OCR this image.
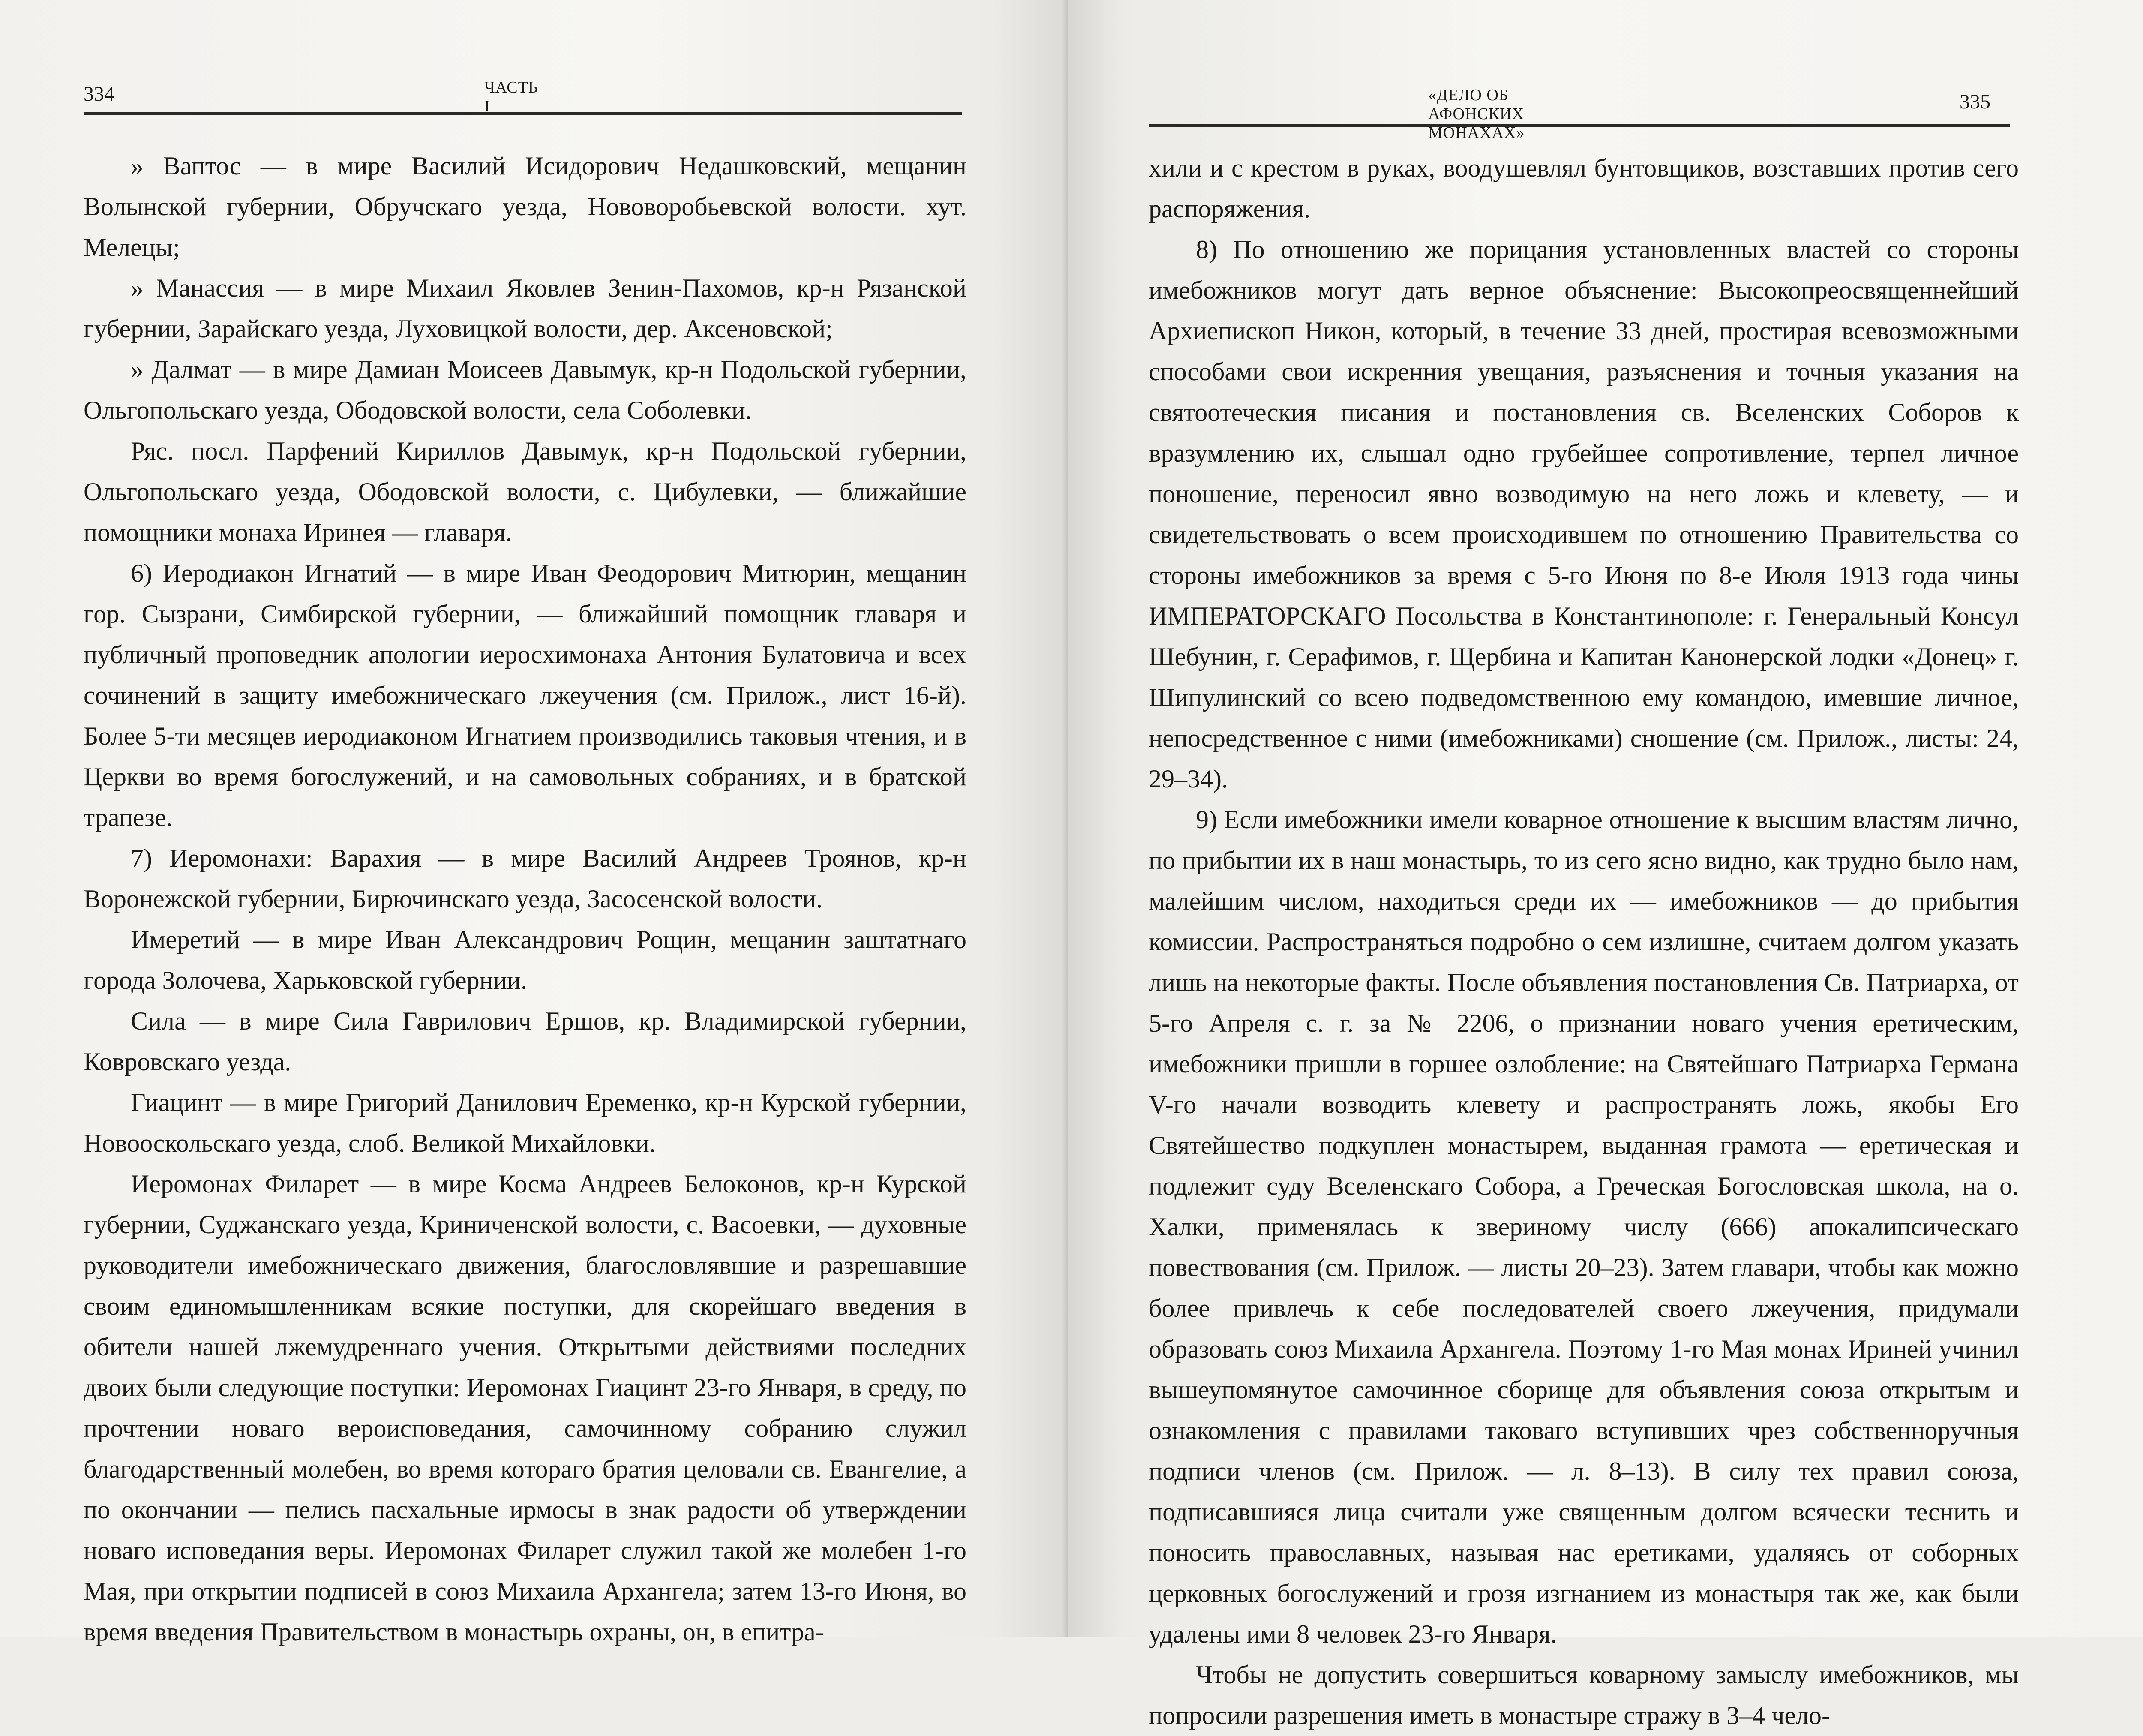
334	ЧАСТЬ I

» Ваптос — в мире Василий Исидорович Недашковский, мещанин Волынской губернии, Обручскаго уезда, Нововоробьевской волости. хут. Мелецы;

» Манассия — в мире Михаил Яковлев Зенин-Пахомов, кр-н Рязанской губернии, Зарайскаго уезда, Луховицкой волости, дер. Аксеновской;

» Далмат — в мире Дамиан Моисеев Давымук, кр-н Подольской губернии, Ольгопольскаго уезда, Ободовской волости, села Соболевки.

Ряс. посл. Парфений Кириллов Давымук, кр-н Подольской губернии, Ольгопольскаго уезда, Ободовской волости, с. Цибулевки, — ближайшие помощники монаха Иринея — главаря.

6) Иеродиакон Игнатий — в мире Иван Феодорович Митюрин, мещанин гор. Сызрани, Симбирской губернии, — ближайший помощник главаря и публичный проповедник апологии иеросхимонаха Антония Булатовича и всех сочинений в защиту имебожническаго лжеучения (см. Прилож., лист 16-й). Более 5-ти месяцев иеродиаконом Игнатием производились таковыя чтения, и в Церкви во время богослужений, и на самовольных собраниях, и в братской трапезе.

7) Иеромонахи: Варахия — в мире Василий Андреев Троянов, кр-н Воронежской губернии, Бирючинскаго уезда, Засосенской волости.

Имеретий — в мире Иван Александрович Рощин, мещанин заштатнаго города Золочева, Харьковской губернии.

Сила — в мире Сила Гаврилович Ершов, кр. Владимирской губернии, Ковровскаго уезда.

Гиацинт — в мире Григорий Данилович Еременко, кр-н Курской губернии, Новооскольскаго уезда, слоб. Великой Михайловки.

Иеромонах Филарет — в мире Косма Андреев Белоконов, кр-н Курской губернии, Суджанскаго уезда, Криниченской волости, с. Васоевки, — духовные руководители имебожническаго движения, благословлявшие и разрешавшие своим единомышленникам всякие поступки, для скорейшаго введения в обители нашей лжемудреннаго учения. Открытыми действиями последних двоих были следующие поступки: Иеромонах Гиацинт 23-го Января, в среду, по прочтении новаго вероисповедания, самочинному собранию служил благодарственный молебен, во время котораго братия целовали св. Евангелие, а по окончании — пелись пасхальные ирмосы в знак радости об утверждении новаго исповедания веры. Иеромонах Филарет служил такой же молебен 1-го Мая, при открытии подписей в союз Михаила Архангела; затем 13-го Июня, во время введения Правительством в монастырь охраны, он, в епитра-

«ДЕЛО ОБ АФОНСКИХ МОНАХАХ»
335

хили и с крестом в руках, воодушевлял бунтовщиков, возставших против сего распоряжения.

8) По отношению же порицания установленных властей со стороны имебожников могут дать верное объяснение: Высокопреосвященнейший Архиепископ Никон, который, в течение 33 дней, простирая всевозможными способами свои искренния увещания, разъяснения и точныя указания на святоотеческия писания и постановления св. Вселенских Соборов к вразумлению их, слышал одно грубейшее сопротивление, терпел личное поношение, переносил явно возводимую на него ложь и клевету, — и свидетельствовать о всем происходившем по отношению Правительства со стороны имебожников за время с 5-го Июня по 8-е Июля 1913 года чины ИМПЕРАТОРСКАГО Посольства в Константинополе: г. Генеральный Консул Шебунин, г. Серафимов, г. Щербина и Капитан Канонерской лодки «Донец» г. Шипулинский со всею подведомственною ему командою, имевшие личное, непосредственное с ними (имебожниками) сношение (см. Прилож., листы: 24, 29–34).

9) Если имебожники имели коварное отношение к высшим властям лично, по прибытии их в наш монастырь, то из сего ясно видно, как трудно было нам, малейшим числом, находиться среди их — имебожников — до прибытия комиссии. Распространяться подробно о сем излишне, считаем долгом указать лишь на некоторые факты. После объявления постановления Св. Патриарха, от 5-го Апреля с. г. за № 2206, о признании новаго учения еретическим, имебожники пришли в горшее озлобление: на Святейшаго Патриарха Германа V-го начали возводить клевету и распространять ложь, якобы Его Святейшество подкуплен монастырем, выданная грамота — еретическая и подлежит суду Вселенскаго Собора, а Греческая Богословская школа, на о. Халки, применялась к звериному числу (666) апокалипсическаго повествования (см. Прилож. — листы 20–23). Затем главари, чтобы как можно более привлечь к себе последователей своего лжеучения, придумали образовать союз Михаила Архангела. Поэтому 1-го Мая монах Ириней учинил вышеупомянутое самочинное сборище для объявления союза открытым и ознакомления с правилами таковаго вступивших чрез собственноручныя подписи членов (см. Прилож. — л. 8–13). В силу тех правил союза, подписавшияся лица считали уже священным долгом всячески теснить и поносить православных, называя нас еретиками, удаляясь от соборных церковных богослужений и грозя изгнанием из монастыря так же, как были удалены ими 8 человек 23-го Января.

Чтобы не допустить совершиться коварному замыслу имебожников, мы попросили разрешения иметь в монастыре стражу в 3–4 чело-
